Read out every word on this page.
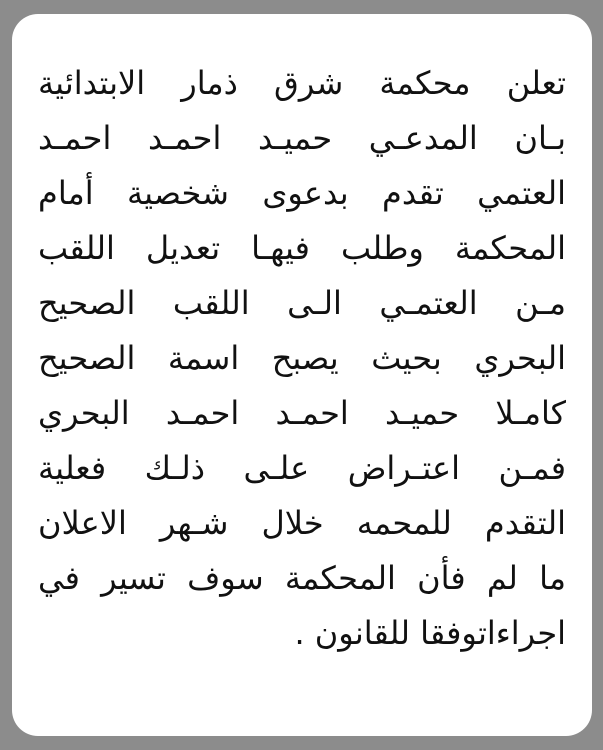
تعلن محكمة شرق ذمار الابتدائية
بـان المدعـي حميـد احمـد احمـد
العتمي تقدم بدعوى شخصية أمام
المحكمة وطلب فيهـا تعديل اللقب
مـن العتمـي الـى اللقب الصحيح
البحري بحيث يصبح اسمة الصحيح
كامـلا حميـد احمـد احمـد البحري
فمـن اعتـراض علـى ذلـك فعلية
التقدم للمحمه خلال شـهر الاعلان
ما لم فأن المحكمة سوف تسير في
اجراءاتوفقا للقانون .
